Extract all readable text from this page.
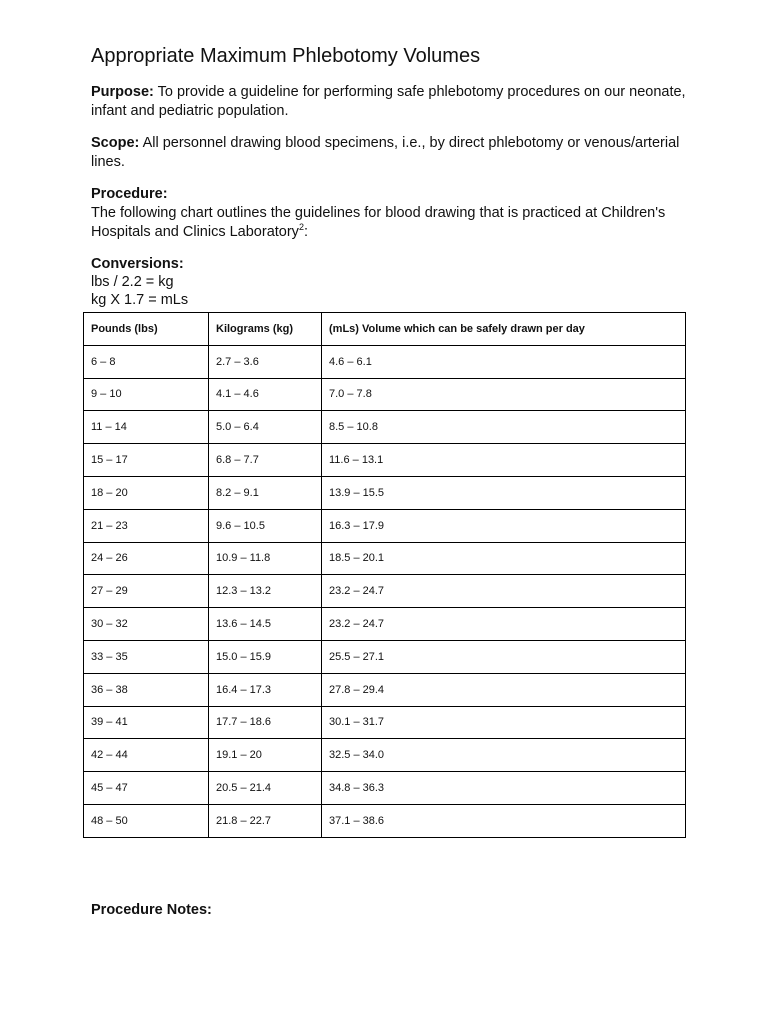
Appropriate Maximum Phlebotomy Volumes

Purpose: To provide a guideline for performing safe phlebotomy procedures on our neonate, infant and pediatric population.

Scope: All personnel drawing blood specimens, i.e., by direct phlebotomy or venous/arterial lines.

Procedure:

The following chart outlines the guidelines for blood drawing that is practiced at Children's Hospitals and Clinics Laboratory$^2$:

Conversions:

lbs / 2.2 = kg

kg X 1.7 = mLs

Pounds (lbs)	Kilograms (kg)	(mLs) Volume which can be safely drawn per day
6 – 8	2.7 – 3.6	4.6 – 6.1
9 – 10	4.1 – 4.6	7.0 – 7.8
11 – 14	5.0 – 6.4	8.5 – 10.8
15 – 17	6.8 – 7.7	11.6 – 13.1
18 – 20	8.2 – 9.1	13.9 – 15.5
21 – 23	9.6 – 10.5	16.3 – 17.9
24 – 26	10.9 – 11.8	18.5 – 20.1
27 – 29	12.3 – 13.2	23.2 – 24.7
30 – 32	13.6 – 14.5	23.2 – 24.7
33 – 35	15.0 – 15.9	25.5 – 27.1
36 – 38	16.4 – 17.3	27.8 – 29.4
39 – 41	17.7 – 18.6	30.1 – 31.7
42 – 44	19.1 – 20	32.5 – 34.0
45 – 47	20.5 – 21.4	34.8 – 36.3
48 – 50	21.8 – 22.7	37.1 – 38.6

Procedure Notes:
